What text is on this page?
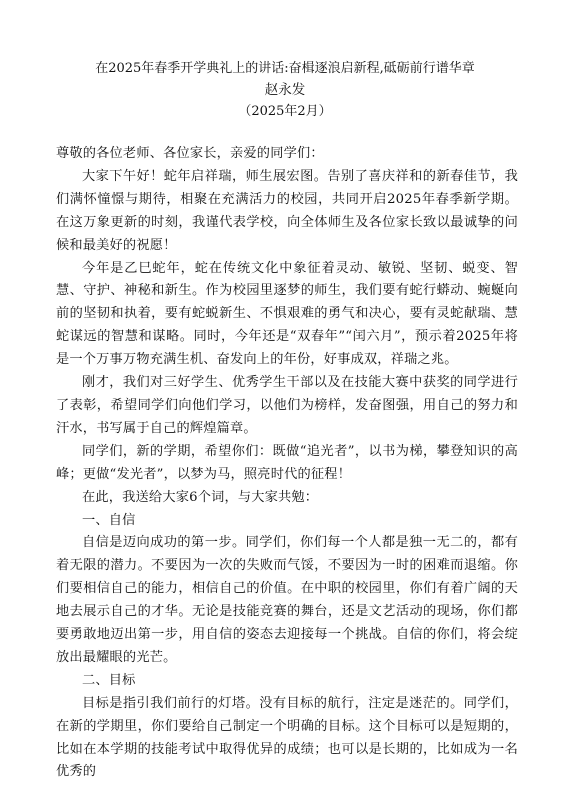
在2025年春季开学典礼上的讲话:奋楫逐浪启新程,砥砺前行谱华章
赵永发
（2025年2月）

尊敬的各位老师、各位家长，亲爱的同学们：

大家下午好！蛇年启祥瑞，师生展宏图。告别了喜庆祥和的新春佳节，我们满怀憧憬与期待，相聚在充满活力的校园，共同开启2025年春季新学期。在这万象更新的时刻，我谨代表学校，向全体师生及各位家长致以最诚挚的问候和最美好的祝愿！

今年是乙巳蛇年，蛇在传统文化中象征着灵动、敏锐、坚韧、蜕变、智慧、守护、神秘和新生。作为校园里逐梦的师生，我们要有蛇行蟒动、蜿蜒向前的坚韧和执着，要有蛇蜕新生、不惧艰难的勇气和决心，要有灵蛇献瑞、慧蛇谋远的智慧和谋略。同时，今年还是“双春年”“闰六月”，预示着2025年将是一个万事万物充满生机、奋发向上的年份，好事成双，祥瑞之兆。

刚才，我们对三好学生、优秀学生干部以及在技能大赛中获奖的同学进行了表彰，希望同学们向他们学习，以他们为榜样，发奋图强，用自己的努力和汗水，书写属于自己的辉煌篇章。

同学们，新的学期，希望你们：既做“追光者”，以书为梯，攀登知识的高峰；更做“发光者”，以梦为马，照亮时代的征程！

在此，我送给大家6个词，与大家共勉：

一、自信

自信是迈向成功的第一步。同学们，你们每一个人都是独一无二的，都有着无限的潜力。不要因为一次的失败而气馁，不要因为一时的困难而退缩。你们要相信自己的能力，相信自己的价值。在中职的校园里，你们有着广阔的天地去展示自己的才华。无论是技能竞赛的舞台，还是文艺活动的现场，你们都要勇敢地迈出第一步，用自信的姿态去迎接每一个挑战。自信的你们，将会绽放出最耀眼的光芒。

二、目标

目标是指引我们前行的灯塔。没有目标的航行，注定是迷茫的。同学们，在新的学期里，你们要给自己制定一个明确的目标。这个目标可以是短期的，比如在本学期的技能考试中取得优异的成绩；也可以是长期的，比如成为一名优秀的
